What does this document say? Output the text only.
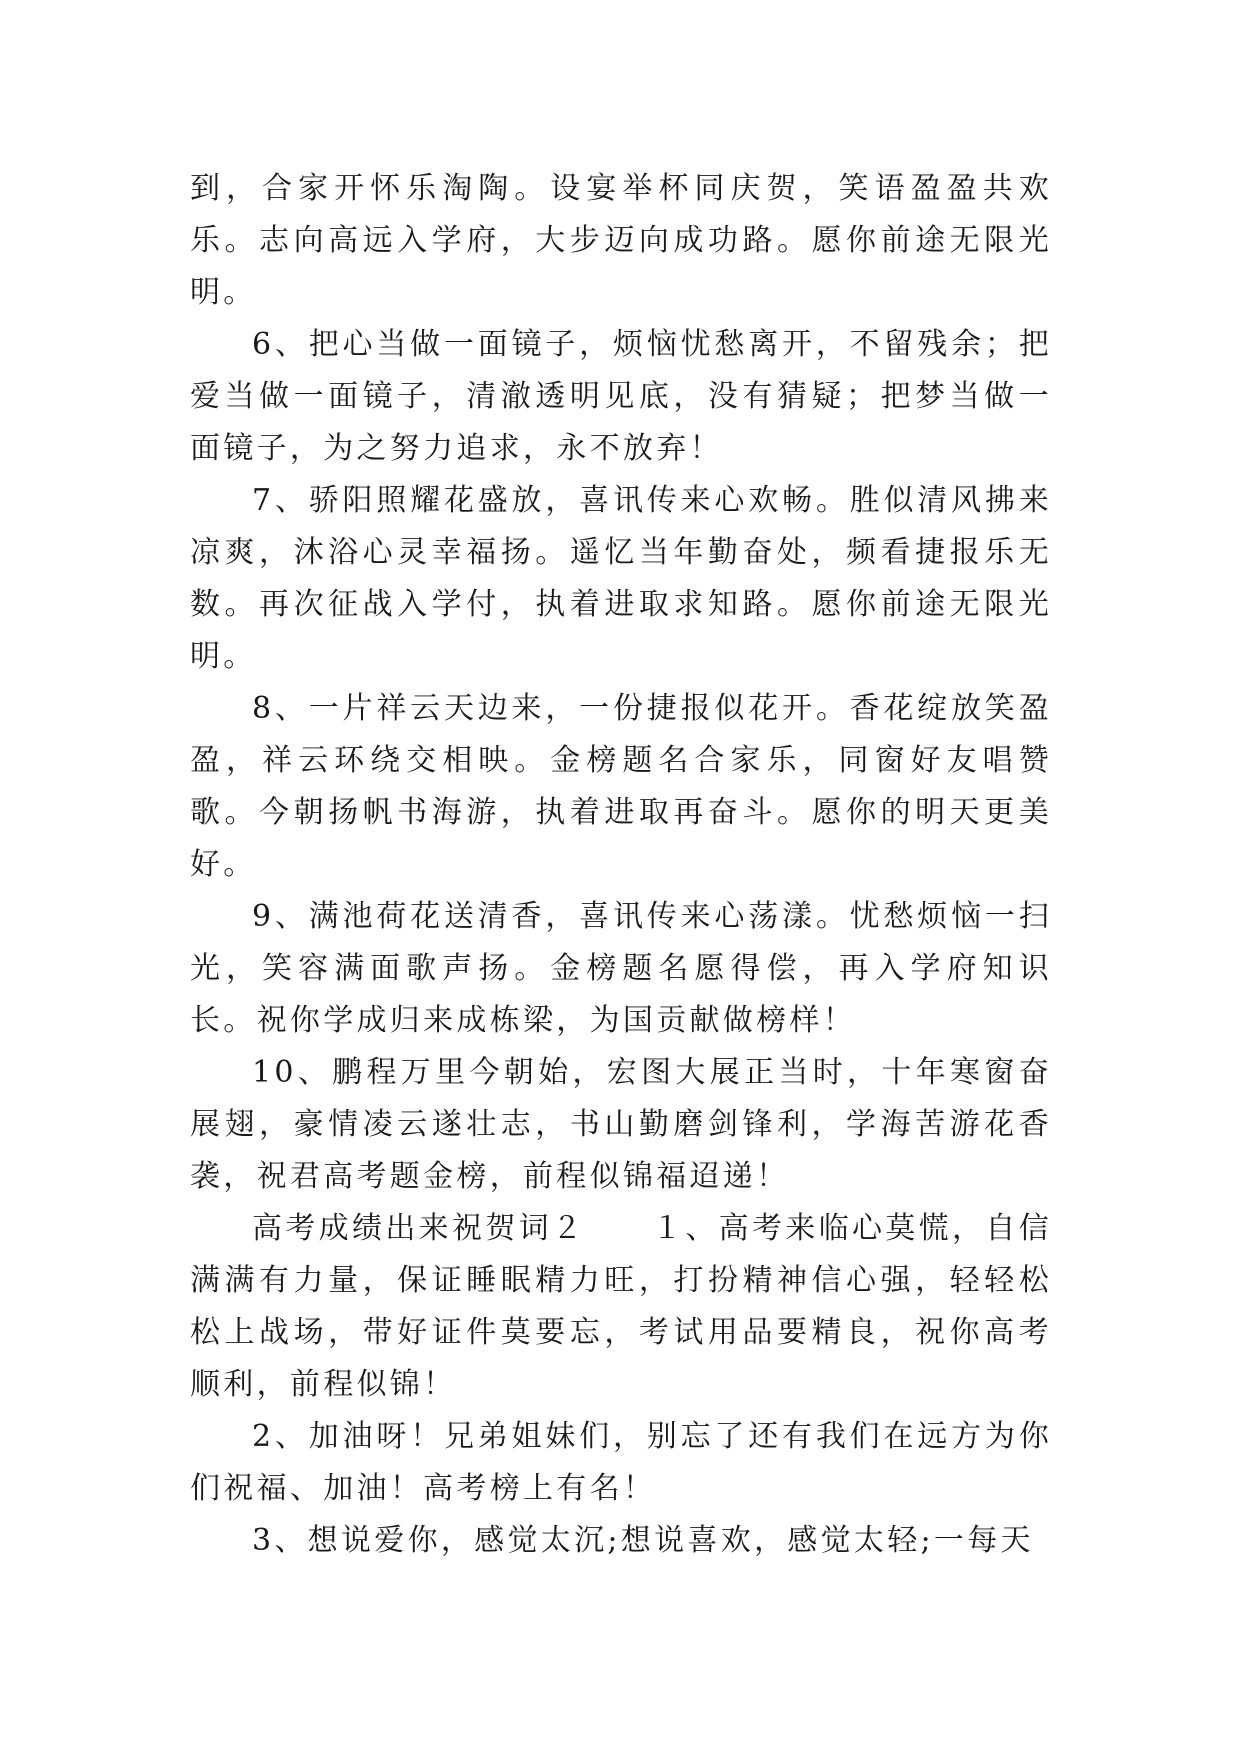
到，合家开怀乐淘陶。设宴举杯同庆贺，笑语盈盈共欢乐。志向高远入学府，大步迈向成功路。愿你前途无限光明。

6、把心当做一面镜子，烦恼忧愁离开，不留残余；把爱当做一面镜子，清澈透明见底，没有猜疑；把梦当做一面镜子，为之努力追求，永不放弃！

7、骄阳照耀花盛放，喜讯传来心欢畅。胜似清风拂来凉爽，沐浴心灵幸福扬。遥忆当年勤奋处，频看捷报乐无数。再次征战入学付，执着进取求知路。愿你前途无限光明。

8、一片祥云天边来，一份捷报似花开。香花绽放笑盈盈，祥云环绕交相映。金榜题名合家乐，同窗好友唱赞歌。今朝扬帆书海游，执着进取再奋斗。愿你的明天更美好。

9、满池荷花送清香，喜讯传来心荡漾。忧愁烦恼一扫光，笑容满面歌声扬。金榜题名愿得偿，再入学府知识长。祝你学成归来成栋梁，为国贡献做榜样！

10、鹏程万里今朝始，宏图大展正当时，十年寒窗奋展翅，豪情凌云遂壮志，书山勤磨剑锋利，学海苦游花香袭，祝君高考题金榜，前程似锦福迢递！

高考成绩出来祝贺词２　　１、高考来临心莫慌，自信满满有力量，保证睡眠精力旺，打扮精神信心强，轻轻松松上战场，带好证件莫要忘，考试用品要精良，祝你高考顺利，前程似锦！

2、加油呀！兄弟姐妹们，别忘了还有我们在远方为你们祝福、加油！高考榜上有名！

3、想说爱你，感觉太沉;想说喜欢，感觉太轻;一每天
